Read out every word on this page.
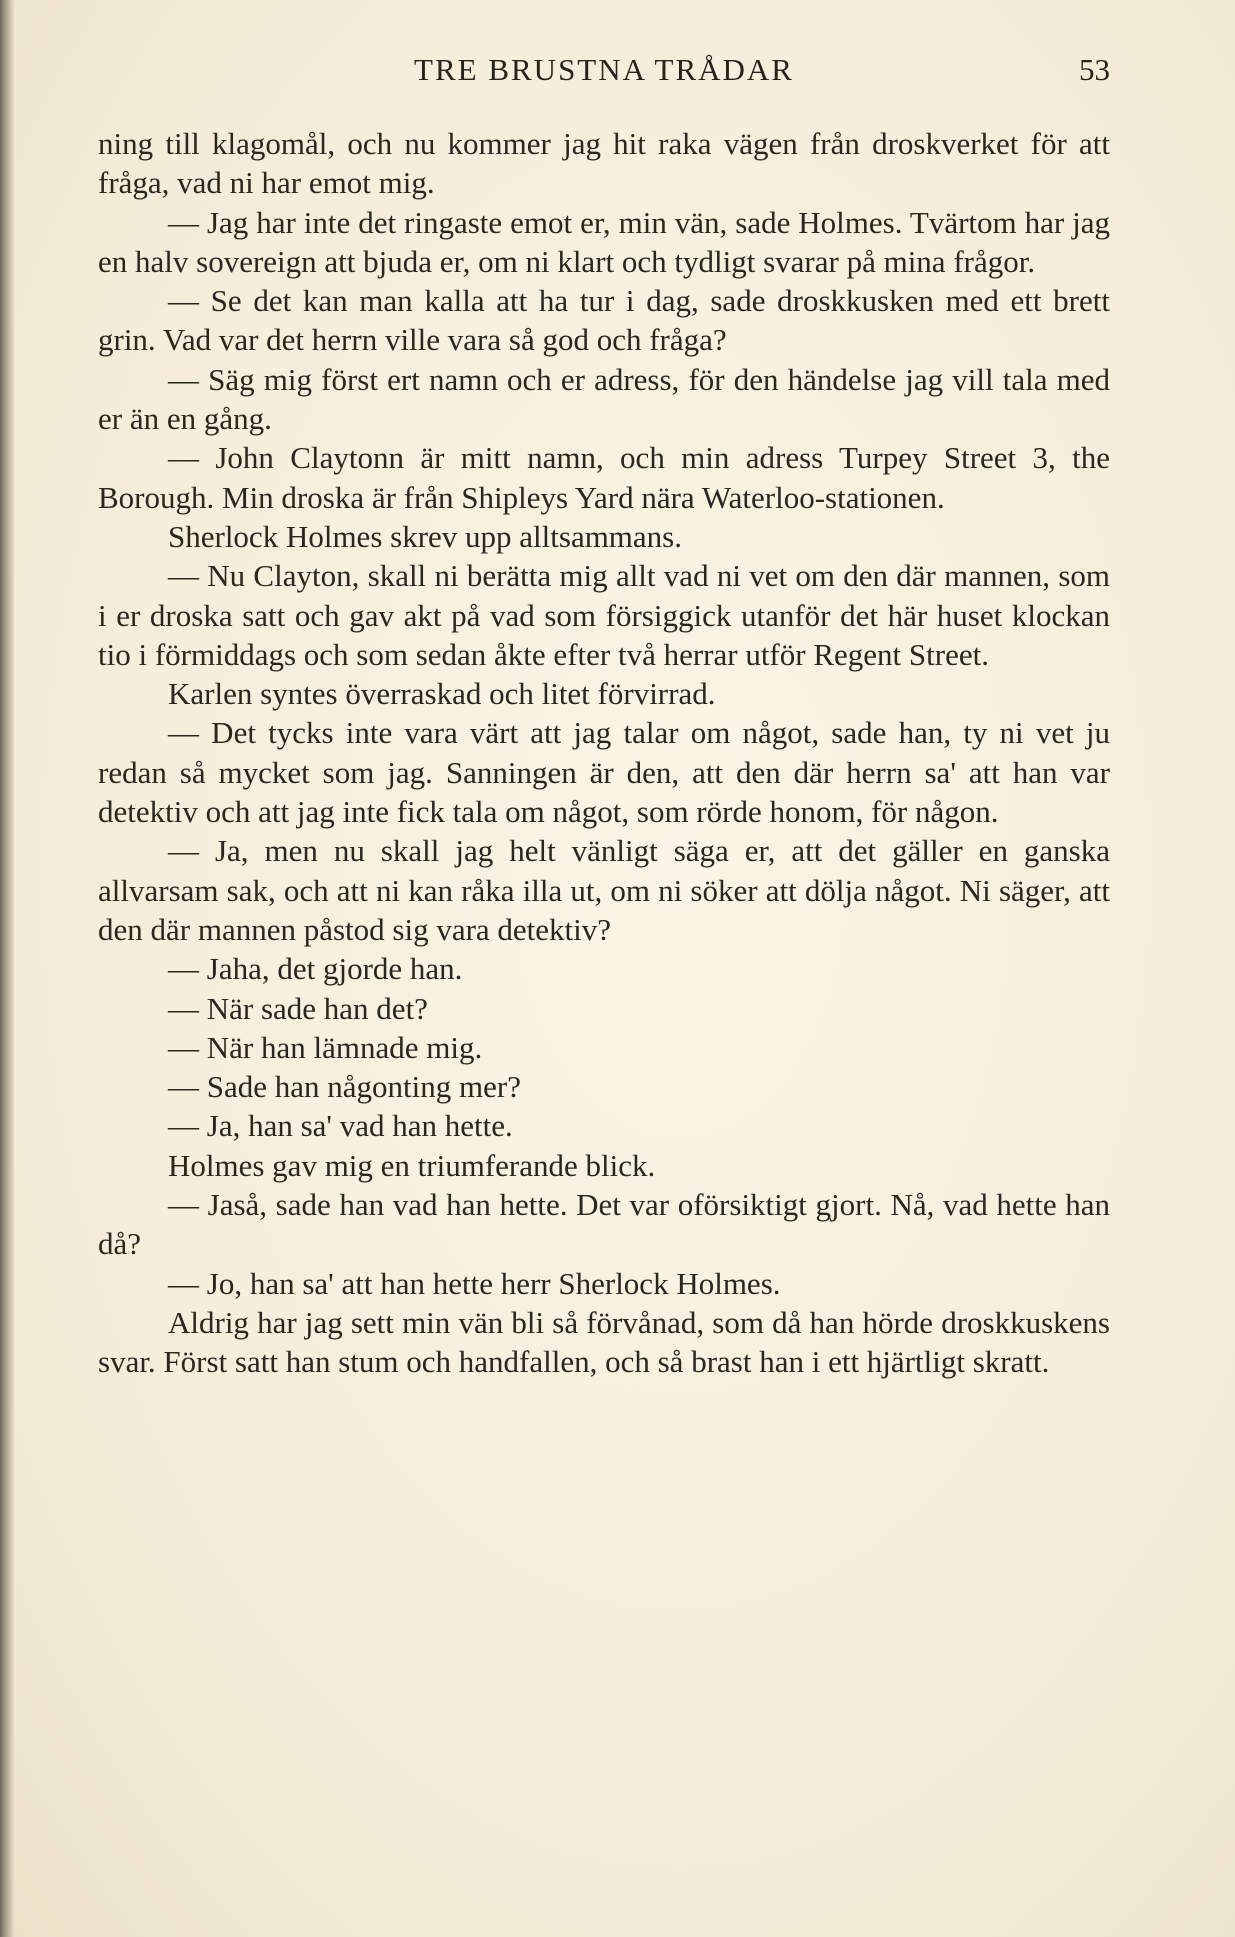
TRE BRUSTNA TRÅDAR	53

ning till klagomål, och nu kommer jag hit raka vägen från droskverket för att fråga, vad ni har emot mig.

— Jag har inte det ringaste emot er, min vän, sade Holmes. Tvärtom har jag en halv sovereign att bjuda er, om ni klart och tydligt svarar på mina frågor.

— Se det kan man kalla att ha tur i dag, sade droskkusken med ett brett grin. Vad var det herrn ville vara så god och fråga?

— Säg mig först ert namn och er adress, för den händelse jag vill tala med er än en gång.

— John Claytonn är mitt namn, och min adress Turpey Street 3, the Borough. Min droska är från Shipleys Yard nära Waterloo-stationen.

Sherlock Holmes skrev upp alltsammans.

— Nu Clayton, skall ni berätta mig allt vad ni vet om den där mannen, som i er droska satt och gav akt på vad som försiggick utanför det här huset klockan tio i förmiddags och som sedan åkte efter två herrar utför Regent Street.

Karlen syntes överraskad och litet förvirrad.

— Det tycks inte vara värt att jag talar om något, sade han, ty ni vet ju redan så mycket som jag. Sanningen är den, att den där herrn sa' att han var detektiv och att jag inte fick tala om något, som rörde honom, för någon.

— Ja, men nu skall jag helt vänligt säga er, att det gäller en ganska allvarsam sak, och att ni kan råka illa ut, om ni söker att dölja något. Ni säger, att den där mannen påstod sig vara detektiv?

— Jaha, det gjorde han.

— När sade han det?

— När han lämnade mig.

— Sade han någonting mer?

— Ja, han sa' vad han hette.

Holmes gav mig en triumferande blick.

— Jaså, sade han vad han hette. Det var oförsiktigt gjort. Nå, vad hette han då?

— Jo, han sa' att han hette herr Sherlock Holmes.

Aldrig har jag sett min vän bli så förvånad, som då han hörde droskkuskens svar. Först satt han stum och handfallen, och så brast han i ett hjärtligt skratt.
